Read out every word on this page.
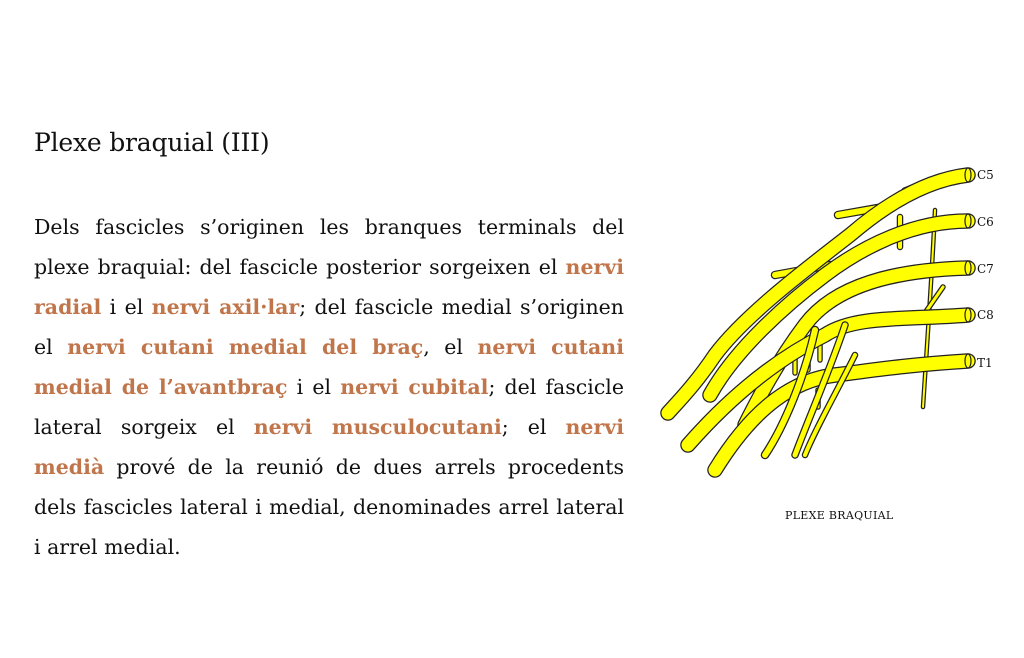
Plexe braquial (III)

Dels fascicles s’originen les branques terminals del plexe braquial: del fascicle posterior sorgeixen el nervi radial i el nervi axil·lar; del fascicle medial s’originen el nervi cutani medial del braç, el nervi cutani medial de l’avantbraç i el nervi cubital; del fascicle lateral sorgeix el nervi musculocutani; el nervi medià prové de la reunió de dues arrels procedents dels fascicles lateral i medial, denominades arrel lateral i arrel medial.

C5
C6
C7
C8
T1
PLEXE BRAQUIAL
